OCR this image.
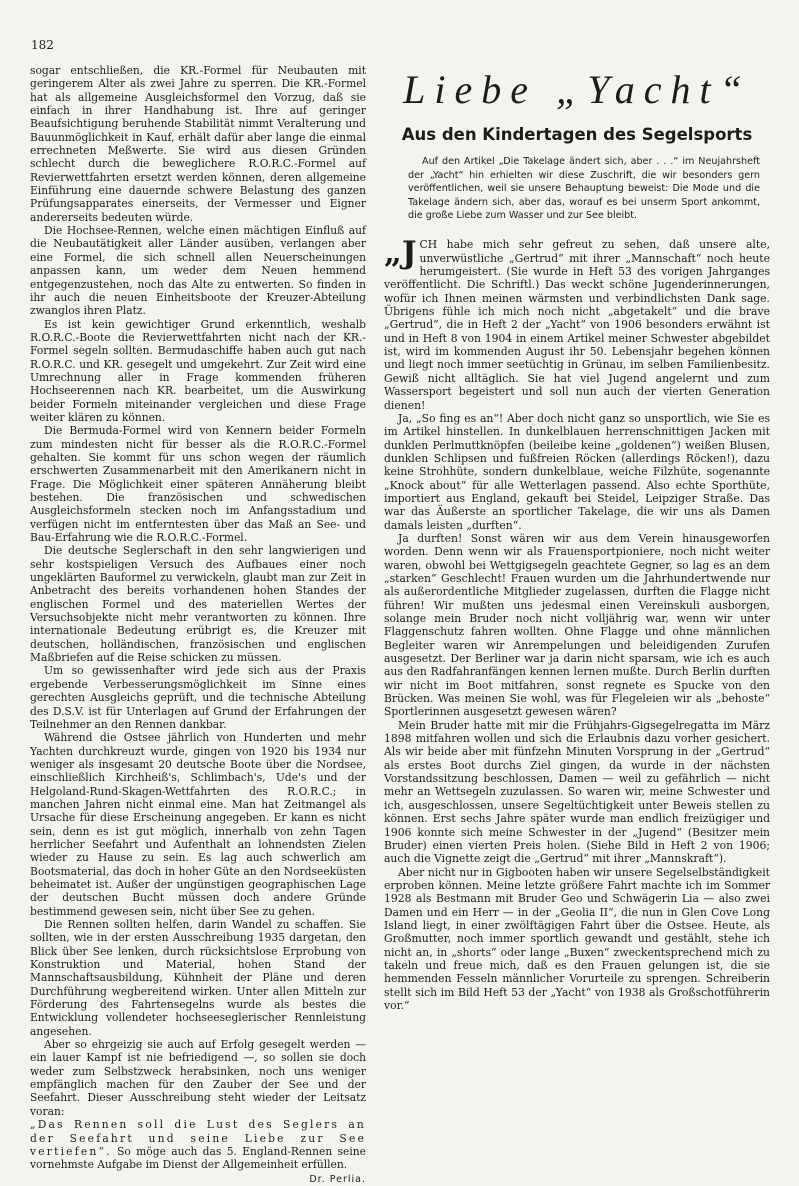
182

sogar entschließen, die KR.-Formel für Neubauten mit geringerem Alter als zwei Jahre zu sperren. Die KR.-Formel hat als allgemeine Ausgleichsformel den Vorzug, daß sie einfach in ihrer Handhabung ist. Ihre auf geringer Beaufsichtigung beruhende Stabilität nimmt Veralterung und Bauunmöglichkeit in Kauf, erhält dafür aber lange die einmal errechneten Meßwerte. Sie wird aus diesen Gründen schlecht durch die beweglichere R.O.R.C.-Formel auf Revierwettfahrten ersetzt werden können, deren allgemeine Einführung eine dauernde schwere Belastung des ganzen Prüfungsapparates einerseits, der Vermesser und Eigner andererseits bedeuten würde.

Die Hochsee-Rennen, welche einen mächtigen Einfluß auf die Neubautätigkeit aller Länder ausüben, verlangen aber eine Formel, die sich schnell allen Neuerscheinungen anpassen kann, um weder dem Neuen hemmend entgegenzustehen, noch das Alte zu entwerten. So finden in ihr auch die neuen Einheitsboote der Kreuzer-Abteilung zwanglos ihren Platz.

Es ist kein gewichtiger Grund erkenntlich, weshalb R.O.R.C.-Boote die Revierwettfahrten nicht nach der KR.-Formel segeln sollten. Bermudaschiffe haben auch gut nach R.O.R.C. und KR. gesegelt und umgekehrt. Zur Zeit wird eine Umrechnung aller in Frage kommenden früheren Hochseerennen nach KR. bearbeitet, um die Auswirkung beider Formeln miteinander vergleichen und diese Frage weiter klären zu können.

Die Bermuda-Formel wird von Kennern beider Formeln zum mindesten nicht für besser als die R.O.R.C.-Formel gehalten. Sie kommt für uns schon wegen der räumlich erschwerten Zusammenarbeit mit den Amerikanern nicht in Frage. Die Möglichkeit einer späteren Annäherung bleibt bestehen. Die französischen und schwedischen Ausgleichsformeln stecken noch im Anfangsstadium und verfügen nicht im entferntesten über das Maß an See- und Bau-Erfahrung wie die R.O.R.C.-Formel.

Die deutsche Seglerschaft in den sehr langwierigen und sehr kostspieligen Versuch des Aufbaues einer noch ungeklärten Bauformel zu verwickeln, glaubt man zur Zeit in Anbetracht des bereits vorhandenen hohen Standes der englischen Formel und des materiellen Wertes der Versuchsobjekte nicht mehr verantworten zu können. Ihre internationale Bedeutung erübrigt es, die Kreuzer mit deutschen, holländischen, französischen und englischen Maßbriefen auf die Reise schicken zu müssen.

Um so gewissenhafter wird jede sich aus der Praxis ergebende Verbesserungsmöglichkeit im Sinne eines gerechten Ausgleichs geprüft, und die technische Abteilung des D.S.V. ist für Unterlagen auf Grund der Erfahrungen der Teilnehmer an den Rennen dankbar.

Während die Ostsee jährlich von Hunderten und mehr Yachten durchkreuzt wurde, gingen von 1920 bis 1934 nur weniger als insgesamt 20 deutsche Boote über die Nordsee, einschließlich Kirchheiß's, Schlimbach's, Ude's und der Helgoland-Rund-Skagen-Wettfahrten des R.O.R.C.; in manchen Jahren nicht einmal eine. Man hat Zeitmangel als Ursache für diese Erscheinung angegeben. Er kann es nicht sein, denn es ist gut möglich, innerhalb von zehn Tagen herrlicher Seefahrt und Aufenthalt an lohnendsten Zielen wieder zu Hause zu sein. Es lag auch schwerlich am Bootsmaterial, das doch in hoher Güte an den Nordseeküsten beheimatet ist. Außer der ungünstigen geographischen Lage der deutschen Bucht müssen doch andere Gründe bestimmend gewesen sein, nicht über See zu gehen.

Die Rennen sollten helfen, darin Wandel zu schaffen. Sie sollten, wie in der ersten Ausschreibung 1935 dargetan, den Blick über See lenken, durch rücksichtslose Erprobung von Konstruktion und Material, hohen Stand der Mannschaftsausbildung, Kühnheit der Pläne und deren Durchführung wegbereitend wirken. Unter allen Mitteln zur Förderung des Fahrtensegelns wurde als bestes die Entwicklung vollendeter hochseeseglerischer Rennleistung angesehen.

Aber so ehrgeizig sie auch auf Erfolg gesegelt werden — ein lauer Kampf ist nie befriedigend —, so sollen sie doch weder zum Selbstzweck herabsinken, noch uns weniger empfänglich machen für den Zauber der See und der Seefahrt. Dieser Ausschreibung steht wieder der Leitsatz voran:

„Das Rennen soll die Lust des Seglers an der Seefahrt und seine Liebe zur See vertiefen“. So möge auch das 5. England-Rennen seine vornehmste Aufgabe im Dienst der Allgemeinheit erfüllen.

Dr. Perlia.
Liebe „Yacht“
Aus den Kindertagen des Segelsports
Auf den Artikel „Die Takelage ändert sich, aber . . .“ im Neujahrsheft der „Yacht“ hin erhielten wir diese Zuschrift, die wir besonders gern veröffentlichen, weil sie unsere Behauptung beweist: Die Mode und die Takelage ändern sich, aber das, worauf es bei unserm Sport ankommt, die große Liebe zum Wasser und zur See bleibt.

„JCH habe mich sehr gefreut zu sehen, daß unsere alte, unverwüstliche „Gertrud“ mit ihrer „Mannschaft“ noch heute herumgeistert. (Sie wurde in Heft 53 des vorigen Jahrganges veröffentlicht. Die Schriftl.) Das weckt schöne Jugenderinnerungen, wofür ich Ihnen meinen wärmsten und verbindlichsten Dank sage. Übrigens fühle ich mich noch nicht „abgetakelt“ und die brave „Gertrud“, die in Heft 2 der „Yacht“ von 1906 besonders erwähnt ist und in Heft 8 von 1904 in einem Artikel meiner Schwester abgebildet ist, wird im kommenden August ihr 50. Lebensjahr begehen können und liegt noch immer seetüchtig in Grünau, im selben Familienbesitz. Gewiß nicht alltäglich. Sie hat viel Jugend angelernt und zum Wassersport begeistert und soll nun auch der vierten Generation dienen!

Ja, „So fing es an“! Aber doch nicht ganz so unsportlich, wie Sie es im Artikel hinstellen. In dunkelblauen herrenschnittigen Jacken mit dunklen Perlmuttknöpfen (beileibe keine „goldenen“) weißen Blusen, dunklen Schlipsen und fußfreien Röcken (allerdings Röcken!), dazu keine Strohhüte, sondern dunkelblaue, weiche Filzhüte, sogenannte „Knock about“ für alle Wetterlagen passend. Also echte Sporthüte, importiert aus England, gekauft bei Steidel, Leipziger Straße. Das war das Äußerste an sportlicher Takelage, die wir uns als Damen damals leisten „durften“.

Ja durften! Sonst wären wir aus dem Verein hinausgeworfen worden. Denn wenn wir als Frauensportpioniere, noch nicht weiter waren, obwohl bei Wettgigsegeln geachtete Gegner, so lag es an dem „starken“ Geschlecht! Frauen wurden um die Jahrhundertwende nur als außerordentliche Mitglieder zugelassen, durften die Flagge nicht führen! Wir mußten uns jedesmal einen Vereinskuli ausborgen, solange mein Bruder noch nicht volljährig war, wenn wir unter Flaggenschutz fahren wollten. Ohne Flagge und ohne männlichen Begleiter waren wir Anrempelungen und beleidigenden Zurufen ausgesetzt. Der Berliner war ja darin nicht sparsam, wie ich es auch aus den Radfahranfängen kennen lernen mußte. Durch Berlin durften wir nicht im Boot mitfahren, sonst regnete es Spucke von den Brücken. Was meinen Sie wohl, was für Flegeleien wir als „behoste“ Sportlerinnen ausgesetzt gewesen wären?

Mein Bruder hatte mit mir die Frühjahrs-Gigsegelregatta im März 1898 mitfahren wollen und sich die Erlaubnis dazu vorher gesichert. Als wir beide aber mit fünfzehn Minuten Vorsprung in der „Gertrud“ als erstes Boot durchs Ziel gingen, da wurde in der nächsten Vorstandssitzung beschlossen, Damen — weil zu gefährlich — nicht mehr an Wettsegeln zuzulassen. So waren wir, meine Schwester und ich, ausgeschlossen, unsere Segeltüchtigkeit unter Beweis stellen zu können. Erst sechs Jahre später wurde man endlich freizügiger und 1906 konnte sich meine Schwester in der „Jugend“ (Besitzer mein Bruder) einen vierten Preis holen. (Siehe Bild in Heft 2 von 1906; auch die Vignette zeigt die „Gertrud“ mit ihrer „Mannskraft“).

Aber nicht nur in Gigbooten haben wir unsere Segelselbständigkeit erproben können. Meine letzte größere Fahrt machte ich im Sommer 1928 als Bestmann mit Bruder Geo und Schwägerin Lia — also zwei Damen und ein Herr — in der „Geolia II“, die nun in Glen Cove Long Island liegt, in einer zwölftägigen Fahrt über die Ostsee. Heute, als Großmutter, noch immer sportlich gewandt und gestählt, stehe ich nicht an, in „shorts“ oder lange „Buxen“ zweckentsprechend mich zu takeln und freue mich, daß es den Frauen gelungen ist, die sie hemmenden Fesseln männlicher Vorurteile zu sprengen. Schreiberin stellt sich im Bild Heft 53 der „Yacht“ von 1938 als Großschotführerin vor.“
